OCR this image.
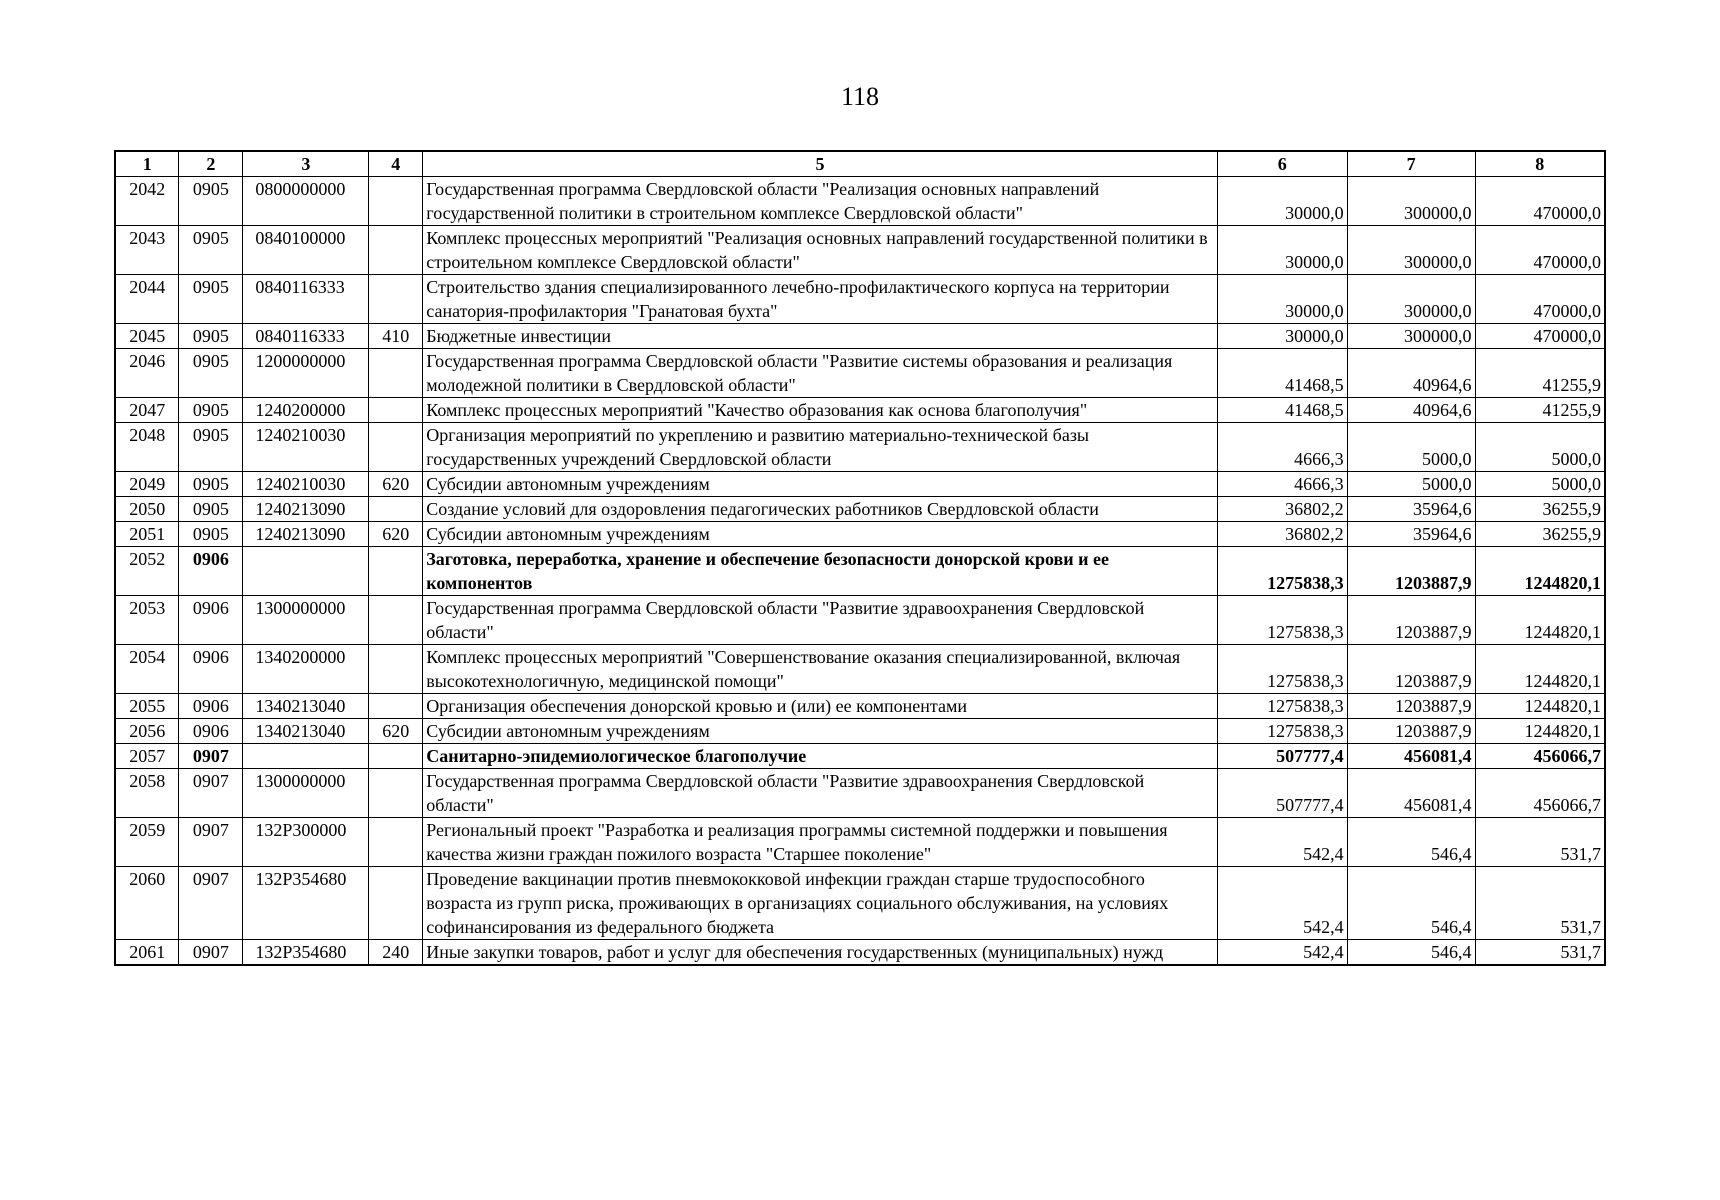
118
1	2	3	4	5	6	7	8
2042	0905	0800000000		Государственная программа Свердловской области "Реализация основных направлений государственной политики в строительном комплексе Свердловской области"	30000,0	300000,0	470000,0
2043	0905	0840100000		Комплекс процессных мероприятий "Реализация основных направлений государственной политики в строительном комплексе Свердловской области"	30000,0	300000,0	470000,0
2044	0905	0840116333		Строительство здания специализированного лечебно-профилактического корпуса на территории санатория-профилактория "Гранатовая бухта"	30000,0	300000,0	470000,0
2045	0905	0840116333	410	Бюджетные инвестиции	30000,0	300000,0	470000,0
2046	0905	1200000000		Государственная программа Свердловской области "Развитие системы образования и реализация молодежной политики в Свердловской области"	41468,5	40964,6	41255,9
2047	0905	1240200000		Комплекс процессных мероприятий "Качество образования как основа благополучия"	41468,5	40964,6	41255,9
2048	0905	1240210030		Организация мероприятий по укреплению и развитию материально-технической базы государственных учреждений Свердловской области	4666,3	5000,0	5000,0
2049	0905	1240210030	620	Субсидии автономным учреждениям	4666,3	5000,0	5000,0
2050	0905	1240213090		Создание условий для оздоровления педагогических работников Свердловской области	36802,2	35964,6	36255,9
2051	0905	1240213090	620	Субсидии автономным учреждениям	36802,2	35964,6	36255,9
2052	0906			Заготовка, переработка, хранение и обеспечение безопасности донорской крови и ее компонентов	1275838,3	1203887,9	1244820,1
2053	0906	1300000000		Государственная программа Свердловской области "Развитие здравоохранения Свердловской области"	1275838,3	1203887,9	1244820,1
2054	0906	1340200000		Комплекс процессных мероприятий "Совершенствование оказания специализированной, включая высокотехнологичную, медицинской помощи"	1275838,3	1203887,9	1244820,1
2055	0906	1340213040		Организация обеспечения донорской кровью и (или) ее компонентами	1275838,3	1203887,9	1244820,1
2056	0906	1340213040	620	Субсидии автономным учреждениям	1275838,3	1203887,9	1244820,1
2057	0907			Санитарно-эпидемиологическое благополучие	507777,4	456081,4	456066,7
2058	0907	1300000000		Государственная программа Свердловской области "Развитие здравоохранения Свердловской области"	507777,4	456081,4	456066,7
2059	0907	132Р300000		Региональный проект "Разработка и реализация программы системной поддержки и повышения качества жизни граждан пожилого возраста "Старшее поколение"	542,4	546,4	531,7
2060	0907	132Р354680		Проведение вакцинации против пневмококковой инфекции граждан старше трудоспособного возраста из групп риска, проживающих в организациях социального обслуживания, на условиях софинансирования из федерального бюджета	542,4	546,4	531,7
2061	0907	132Р354680	240	Иные закупки товаров, работ и услуг для обеспечения государственных (муниципальных) нужд	542,4	546,4	531,7
